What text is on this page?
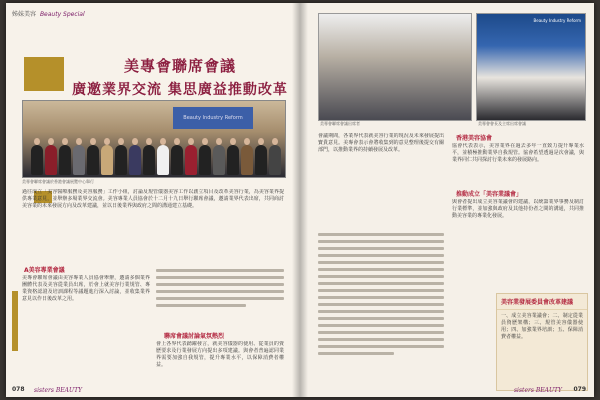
姊妹美容 Beauty Special
美專會聯席會議
廣邀業界交流 集思廣益推動改革
Beauty Industry Reform
美專會聯席會議於香港會議展覽中心舉行
過往成立「美容醫療服務及美容服務」工作小組，討論及規管儀器美容工作以創立項目及改革美容行業，為美容業界提供專業意見，並舉辦多場業界交流會。美容專業人員協會於十二月十九日舉行聯席會議，邀請業界代表出席，共同商討美容業的未來發展方向及改革建議，並以日後業界與政府之間的溝通建立基礎。
A美容專業會議
美專會聯席會議由美容專業人員協會舉辦，邀請多個業界團體代表及美容從業員出席，於會上就美容行業規管、專業資格認證及培訓課程等議題進行深入討論，並收集業界意見以作日後改革之用。
聯席會議討論氣氛熱烈
會上各界代表踴躍發言，就美容儀器的使用、從業員的資歷要求及行業發展方向提出多項建議。與會者普遍認同業界需要加強自我規管，提升專業水平，以保障消費者權益。
078 sisters BEAUTY
美專會聯席會議出席者
Beauty Industry Reform
美專會會長及主席出席會議
會議期間，各業界代表就美容行業的現況及未來發展提出寶貴意見。美專會表示會將收集到的意見整理後提交有關部門，以推動業界的持續發展及改革。
香港美容協會
協會代表表示，美容業界在過去多年一直致力提升專業水平，並積極推動業界自我規管。協會希望透過是次會議，與業界同仁共同探討行業未來的發展路向。
推動成立「美容業議會」
與會者提出成立美容業議會的建議，以統籌業界事務及制訂行業標準，並加強與政府及其他持份者之間的溝通，共同推動美容業的專業化發展。
美容業發展委員會改革建議
一、成立美容業議會；二、制定從業員資歷架構；三、規管美容儀器使用；四、加強業界培訓；五、保障消費者權益。
sisters BEAUTY 079
